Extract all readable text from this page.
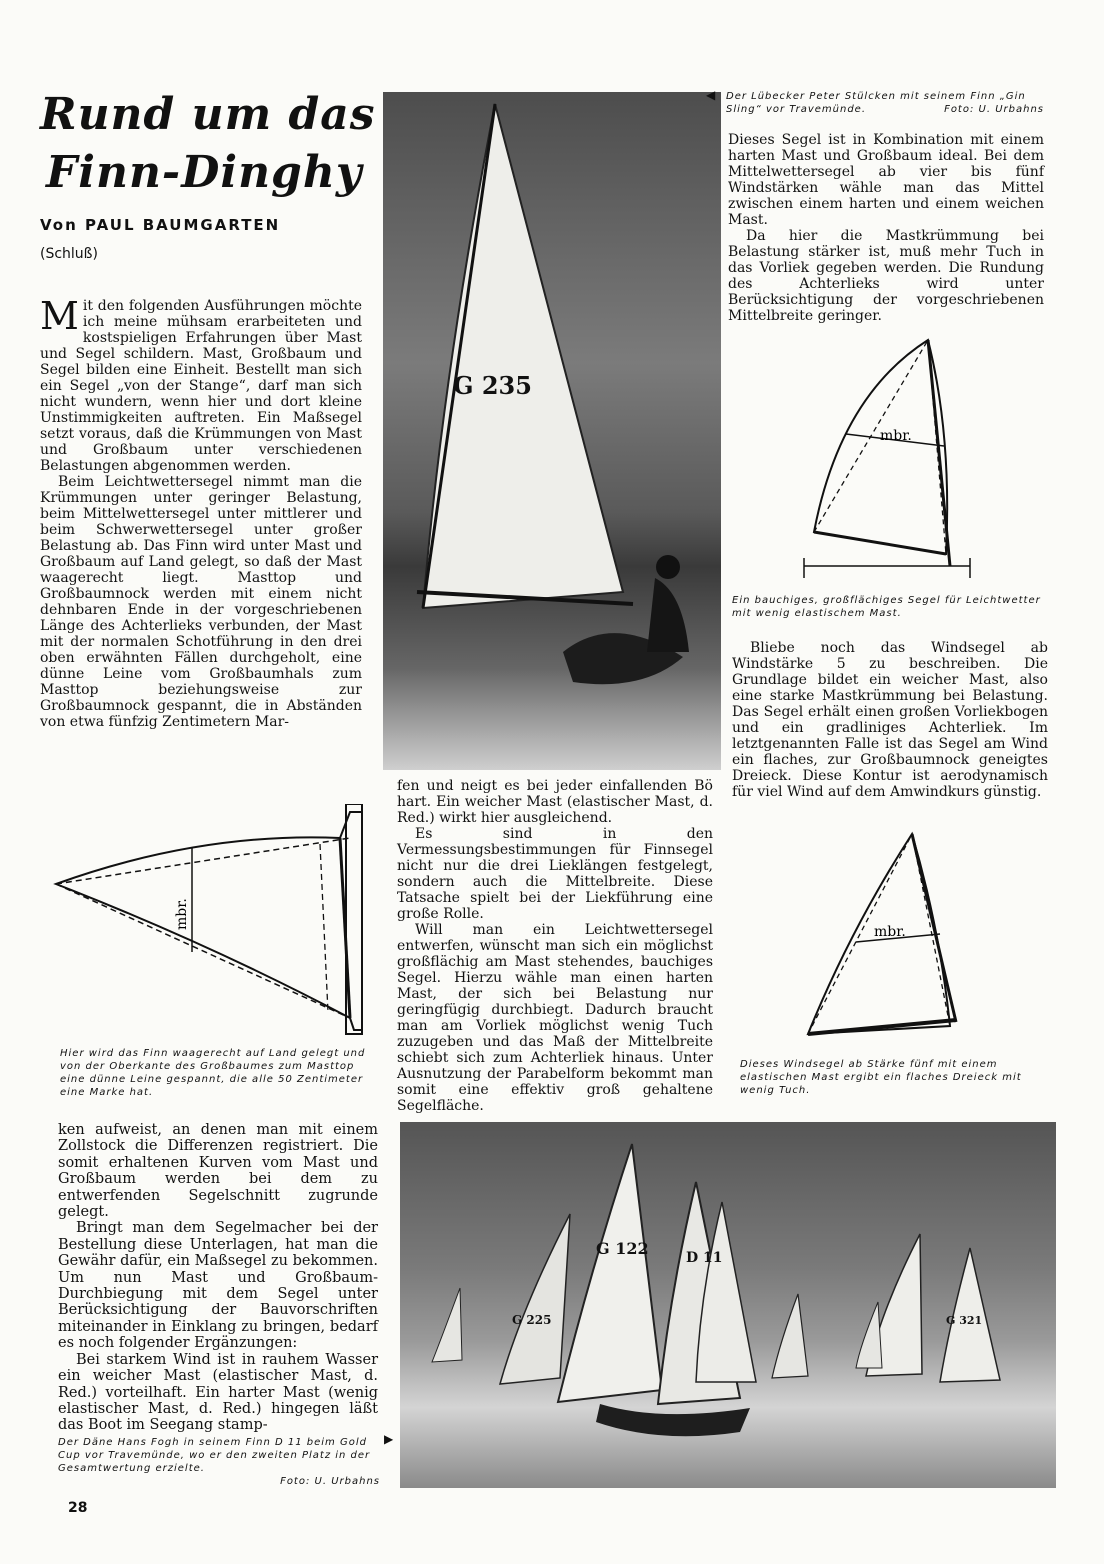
Rund um das
Finn-Dinghy
Von PAUL BAUMGARTEN
(Schluß)

Mit den folgenden Ausführungen möchte ich meine mühsam erarbeiteten und kostspieligen Erfahrungen über Mast und Segel schildern. Mast, Großbaum und Segel bilden eine Einheit. Bestellt man sich ein Segel „von der Stange“, darf man sich nicht wundern, wenn hier und dort kleine Unstimmigkeiten auftreten. Ein Maßsegel setzt voraus, daß die Krümmungen von Mast und Großbaum unter verschiedenen Belastungen abgenommen werden.

Beim Leichtwettersegel nimmt man die Krümmungen unter geringer Belastung, beim Mittelwettersegel unter mittlerer und beim Schwerwettersegel unter großer Belastung ab. Das Finn wird unter Mast und Großbaum auf Land gelegt, so daß der Mast waagerecht liegt. Masttop und Großbaumnock werden mit einem nicht dehnbaren Ende in der vorgeschriebenen Länge des Achterlieks verbunden, der Mast mit der normalen Schotführung in den drei oben erwähnten Fällen durchgeholt, eine dünne Leine vom Großbaumhals zum Masttop beziehungsweise zur Großbaumnock gespannt, die in Abständen von etwa fünfzig Zentimetern Mar-

mbr.
Hier wird das Finn waagerecht auf Land gelegt und von der Oberkante des Großbaumes zum Masttop eine dünne Leine gespannt, die alle 50 Zentimeter eine Marke hat.

ken aufweist, an denen man mit einem Zollstock die Differenzen registriert. Die somit erhaltenen Kurven vom Mast und Großbaum werden bei dem zu entwerfenden Segelschnitt zugrunde gelegt.

Bringt man dem Segelmacher bei der Bestellung diese Unterlagen, hat man die Gewähr dafür, ein Maßsegel zu bekommen. Um nun Mast und Großbaum-Durchbiegung mit dem Segel unter Berücksichtigung der Bauvorschriften miteinander in Einklang zu bringen, bedarf es noch folgender Ergänzungen:

Bei starkem Wind ist in rauhem Wasser ein weicher Mast (elastischer Mast, d. Red.) vorteilhaft. Ein harter Mast (wenig elastischer Mast, d. Red.) hingegen läßt das Boot im Seegang stamp-

Der Däne Hans Fogh in seinem Finn D 11 beim Gold Cup vor Travemünde, wo er den zweiten Platz in der Gesamtwertung erzielte.
Foto: U. Urbahns
▶
G 235
◀ Der Lübecker Peter Stülcken mit seinem Finn „Gin Sling“ vor Travemünde.	Foto: U. Urbahns

fen und neigt es bei jeder einfallenden Bö hart. Ein weicher Mast (elastischer Mast, d. Red.) wirkt hier ausgleichend.

Es sind in den Vermessungsbestimmungen für Finnsegel nicht nur die drei Lieklängen festgelegt, sondern auch die Mittelbreite. Diese Tatsache spielt bei der Liekführung eine große Rolle.

Will man ein Leichtwettersegel entwerfen, wünscht man sich ein möglichst großflächig am Mast stehendes, bauchiges Segel. Hierzu wähle man einen harten Mast, der sich bei Belastung nur geringfügig durchbiegt. Dadurch braucht man am Vorliek möglichst wenig Tuch zuzugeben und das Maß der Mittelbreite schiebt sich zum Achterliek hinaus. Unter Ausnutzung der Parabelform bekommt man somit eine effektiv groß gehaltene Segelfläche.

Dieses Segel ist in Kombination mit einem harten Mast und Großbaum ideal. Bei dem Mittelwettersegel ab vier bis fünf Windstärken wähle man das Mittel zwischen einem harten und einem weichen Mast.

Da hier die Mastkrümmung bei Belastung stärker ist, muß mehr Tuch in das Vorliek gegeben werden. Die Rundung des Achterlieks wird unter Berücksichtigung der vorgeschriebenen Mittelbreite geringer.

mbr.
Ein bauchiges, großflächiges Segel für Leichtwetter mit wenig elastischem Mast.

Bliebe noch das Windsegel ab Windstärke 5 zu beschreiben. Die Grundlage bildet ein weicher Mast, also eine starke Mastkrümmung bei Belastung. Das Segel erhält einen großen Vorliekbogen und ein gradliniges Achterliek. Im letztgenannten Falle ist das Segel am Wind ein flaches, zur Großbaumnock geneigtes Dreieck. Diese Kontur ist aerodynamisch für viel Wind auf dem Amwindkurs günstig.

mbr.
Dieses Windsegel ab Stärke fünf mit einem elastischen Mast ergibt ein flaches Dreieck mit wenig Tuch.
G 122	D 11
G 225	G 321
28
